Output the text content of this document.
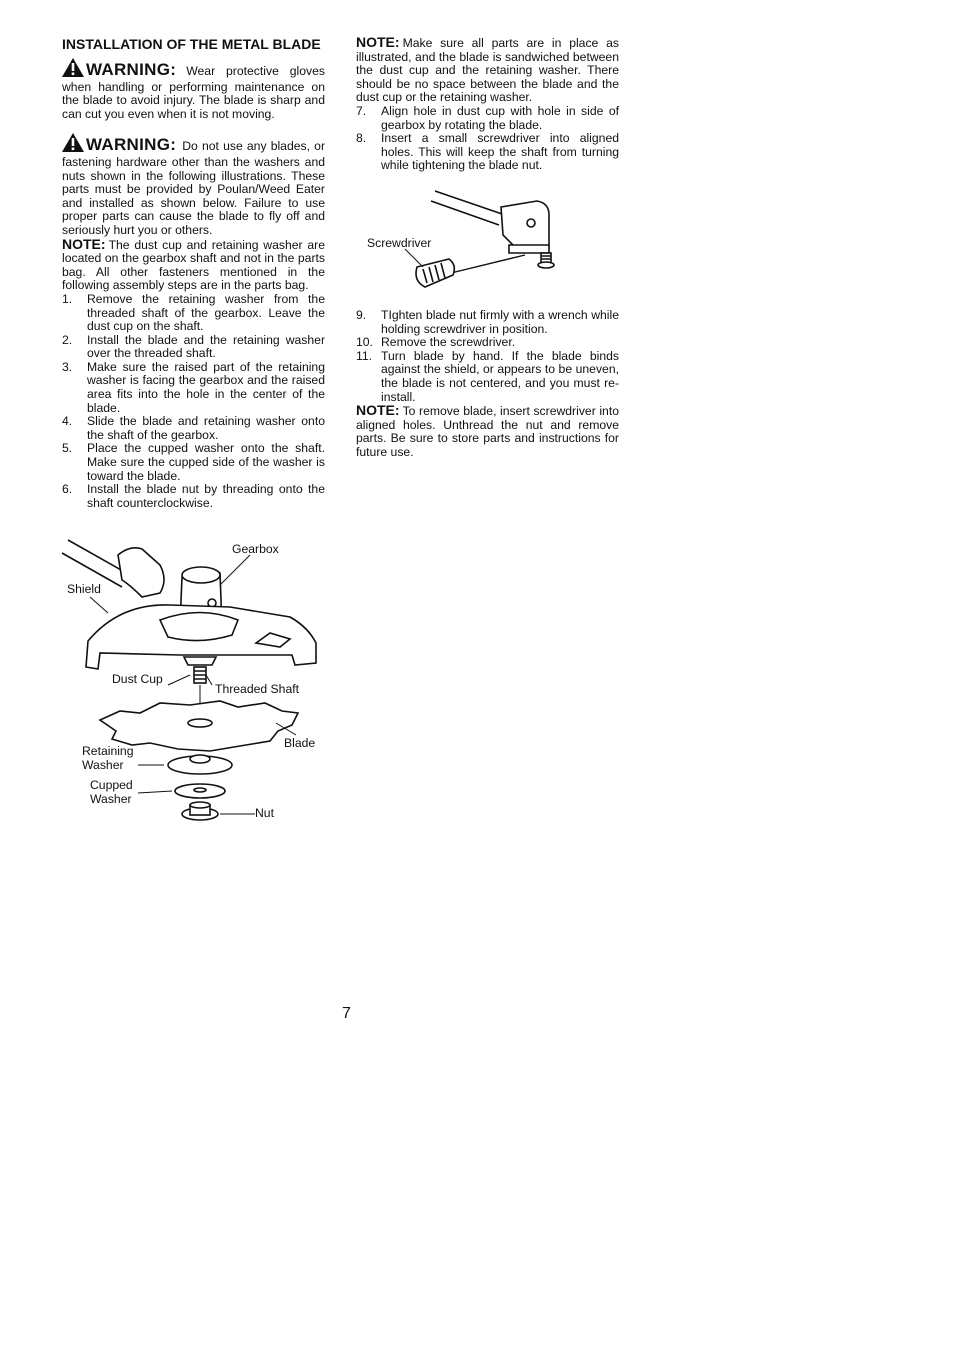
INSTALLATION OF THE METAL BLADE

WARNING: Wear protective gloves when handling or performing maintenance on the blade to avoid injury. The blade is sharp and can cut you even when it is not moving.

WARNING: Do not use any blades, or fastening hardware other than the washers and nuts shown in the following illustrations. These parts must be provided by Poulan/Weed Eater and installed as shown below. Failure to use proper parts can cause the blade to fly off and seriously hurt you or others.

NOTE: The dust cup and retaining washer are located on the gearbox shaft and not in the parts bag. All other fasteners mentioned in the following assembly steps are in the parts bag.

1. Remove the retaining washer from the threaded shaft of the gearbox. Leave the dust cup on the shaft.
2. Install the blade and the retaining washer over the threaded shaft.
3. Make sure the raised part of the retaining washer is facing the gearbox and the raised area fits into the hole in the center of the blade.
4. Slide the blade and retaining washer onto the shaft of the gearbox.
5. Place the cupped washer onto the shaft. Make sure the cupped side of the washer is toward the blade.
6. Install the blade nut by threading onto the shaft counterclockwise.
Gearbox
Shield
Dust Cup
Threaded Shaft
Blade
Retaining
Washer
Cupped
Washer
Nut

NOTE: Make sure all parts are in place as illustrated, and the blade is sandwiched between the dust cup and the retaining washer. There should be no space between the blade and the dust cup or the retaining washer.

7. Align hole in dust cup with hole in side of gearbox by rotating the blade.
8. Insert a small screwdriver into aligned holes. This will keep the shaft from turning while tightening the blade nut.
9. TIghten blade nut firmly with a wrench while holding screwdriver in position.
10. Remove the screwdriver.
11. Turn blade by hand. If the blade binds against the shield, or appears to be uneven, the blade is not centered, and you must re-install.

NOTE: To remove blade, insert screwdriver into aligned holes. Unthread the nut and remove parts. Be sure to store parts and instructions for future use.

Screwdriver
7
